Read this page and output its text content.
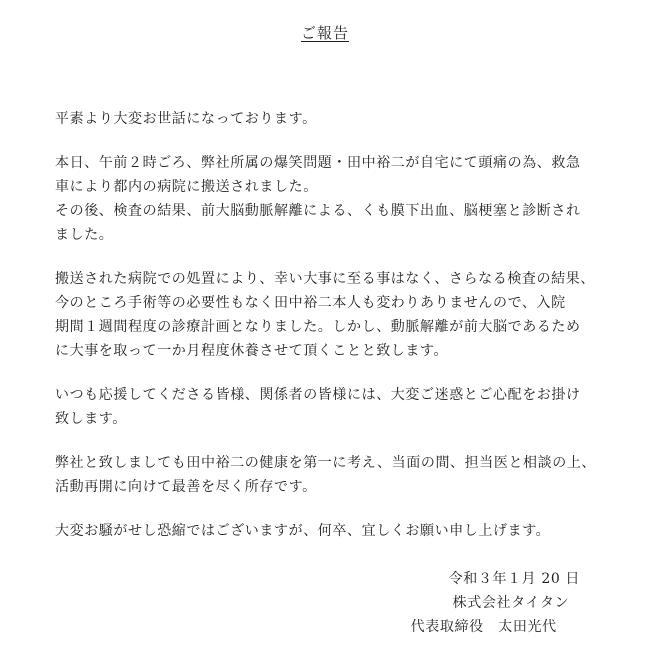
ご報告

平素より大変お世話になっております。

本日、午前２時ごろ、弊社所属の爆笑問題・田中裕二が自宅にて頭痛の為、救急
車により都内の病院に搬送されました。
その後、検査の結果、前大脳動脈解離による、くも膜下出血、脳梗塞と診断され
ました。

搬送された病院での処置により、幸い大事に至る事はなく、さらなる検査の結果、
今のところ手術等の必要性もなく田中裕二本人も変わりありませんので、入院
期間１週間程度の診療計画となりました。しかし、動脈解離が前大脳であるため
に大事を取って一か月程度休養させて頂くことと致します。

いつも応援してくださる皆様、関係者の皆様には、大変ご迷惑とご心配をお掛け
致します。

弊社と致しましても田中裕二の健康を第一に考え、当面の間、担当医と相談の上、
活動再開に向けて最善を尽く所存です。

大変お騒がせし恐縮ではございますが、何卒、宜しくお願い申し上げます。

令和３年１月 20 日
株式会社タイタン
代表取締役　太田光代
